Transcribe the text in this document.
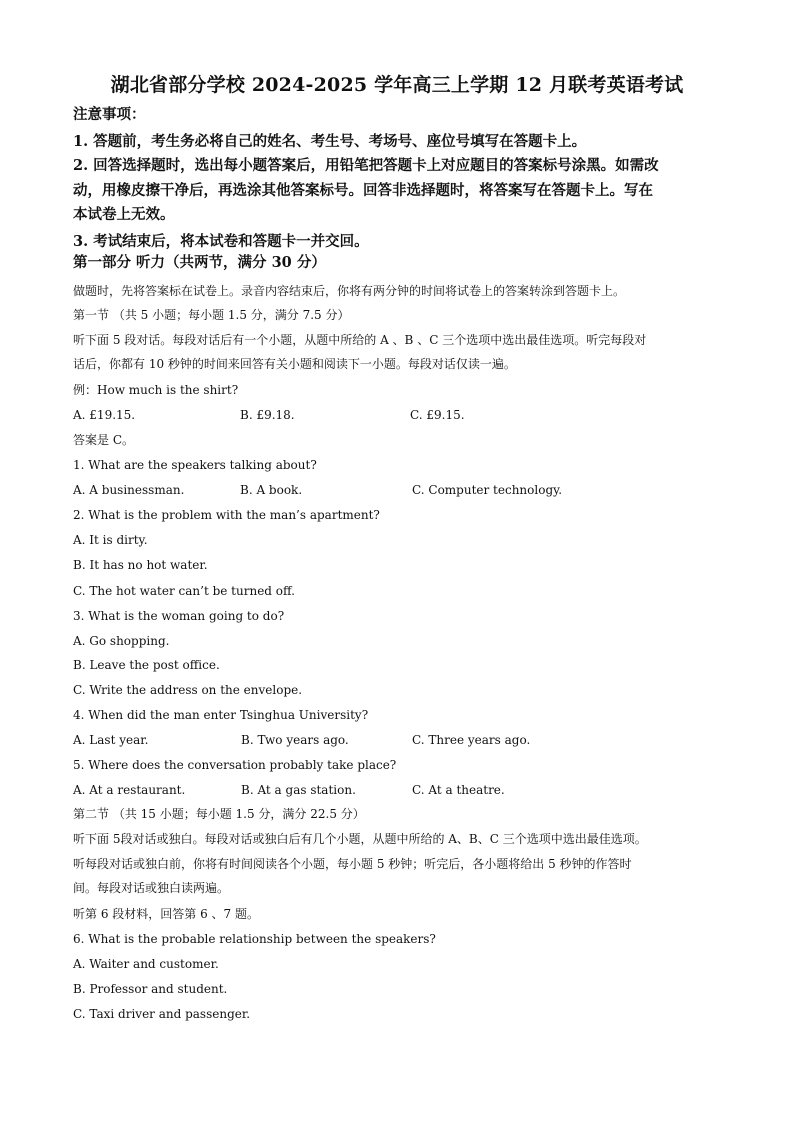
湖北省部分学校 2024-2025 学年高三上学期 12 月联考英语考试
注意事项：
1. 答题前，考生务必将自己的姓名、考生号、考场号、座位号填写在答题卡上。
2. 回答选择题时，选出每小题答案后，用铅笔把答题卡上对应题目的答案标号涂黑。如需改
动，用橡皮擦干净后，再选涂其他答案标号。回答非选择题时，将答案写在答题卡上。写在
本试卷上无效。
3. 考试结束后，将本试卷和答题卡一并交回。
第一部分 听力（共两节，满分 30 分）
做题时，先将答案标在试卷上。录音内容结束后，你将有两分钟的时间将试卷上的答案转涂到答题卡上。
第一节 （共 5 小题；每小题 1.5 分，满分 7.5 分）
听下面 5 段对话。每段对话后有一个小题，从题中所给的 A 、B 、C 三个选项中选出最佳选项。听完每段对
话后，你都有 10 秒钟的时间来回答有关小题和阅读下一小题。每段对话仅读一遍。
例：How much is the shirt?
A. £19.15.	B. £9.18.	C. £9.15.
答案是 C。
1. What are the speakers talking about?
A. A businessman.	B. A book.	C. Computer technology.
2. What is the problem with the man’s apartment?
A. It is dirty.
B. It has no hot water.
C. The hot water can’t be turned off.
3. What is the woman going to do?
A. Go shopping.
B. Leave the post office.
C. Write the address on the envelope.
4. When did the man enter Tsinghua University?
A. Last year.	B. Two years ago.	C. Three years ago.
5. Where does the conversation probably take place?
A. At a restaurant.	B. At a gas station.	C. At a theatre.
第二节 （共 15 小题；每小题 1.5 分，满分 22.5 分）
听下面 5段对话或独白。每段对话或独白后有几个小题，从题中所给的 A、B、C 三个选项中选出最佳选项。
听每段对话或独白前，你将有时间阅读各个小题，每小题 5 秒钟；听完后，各小题将给出 5 秒钟的作答时
间。每段对话或独白读两遍。
听第 6 段材料，回答第 6 、7 题。
6. What is the probable relationship between the speakers?
A. Waiter and customer.
B. Professor and student.
C. Taxi driver and passenger.
